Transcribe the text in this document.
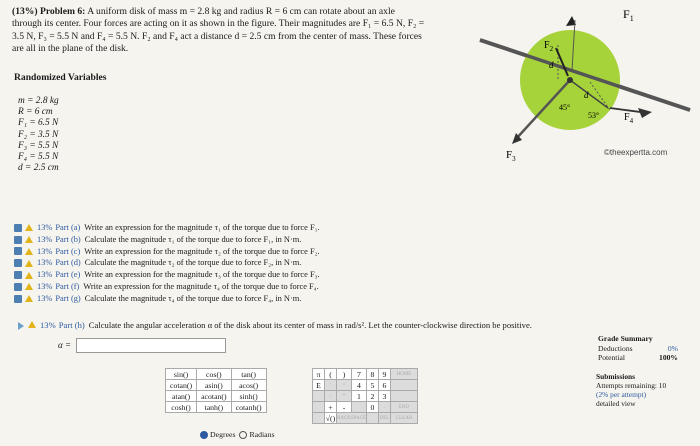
(13%) Problem 6: A uniform disk of mass m = 2.8 kg and radius R = 6 cm can rotate about an axle
through its center. Four forces are acting on it as shown in the figure. Their magnitudes are F₁ = 6.5 N, F₂ =
3.5 N, F₃ = 5.5 N and F₄ = 5.5 N. F₂ and F₄ act a distance d = 2.5 cm from the center of mass. These forces
are all in the plane of the disk.
Randomized Variables
m = 2.8 kg
R = 6 cm
F₁ = 6.5 N
F₂ = 3.5 N
F₃ = 5.5 N
F₄ = 5.5 N
d = 2.5 cm
$F_1$
$F_2$
$F_3$
$F_4$
d
d
45°
53°
©theexpertta.com
13% Part (a) Write an expression for the magnitude τ₁ of the torque due to force F₁.
13% Part (b) Calculate the magnitude τ₁ of the torque due to force F₁, in N·m.
13% Part (c) Write an expression for the magnitude τ₂ of the torque due to force F₂.
13% Part (d) Calculate the magnitude τ₂ of the torque due to force F₂, in N·m.
13% Part (e) Write an expression for the magnitude τ₃ of the torque due to force F₃.
13% Part (f) Write an expression for the magnitude τ₄ of the torque due to force F₄.
13% Part (g) Calculate the magnitude τ₄ of the torque due to force F₄, in N·m.
13% Part (h) Calculate the angular acceleration α of the disk about its center of mass in rad/s². Let the counter-clockwise direction be positive.
α =
Grade Summary
Deductions	0%
Potential	100%
Submissions
Attempts remaining: 10
(2% per attempt)
detailed view
sin()	cos()	tan()
cotan()	asin()	acos()
atan()	acotan()	sinh()
cosh()	tanh()	cotanh()
Degrees Radians
π	(	)	7	8	9	HOME
E	↑	^	4	5	6	
	/	*	1	2	3	
	+	-		0	.	END
	√()	BACKSPACE			DEL	CLEAR
